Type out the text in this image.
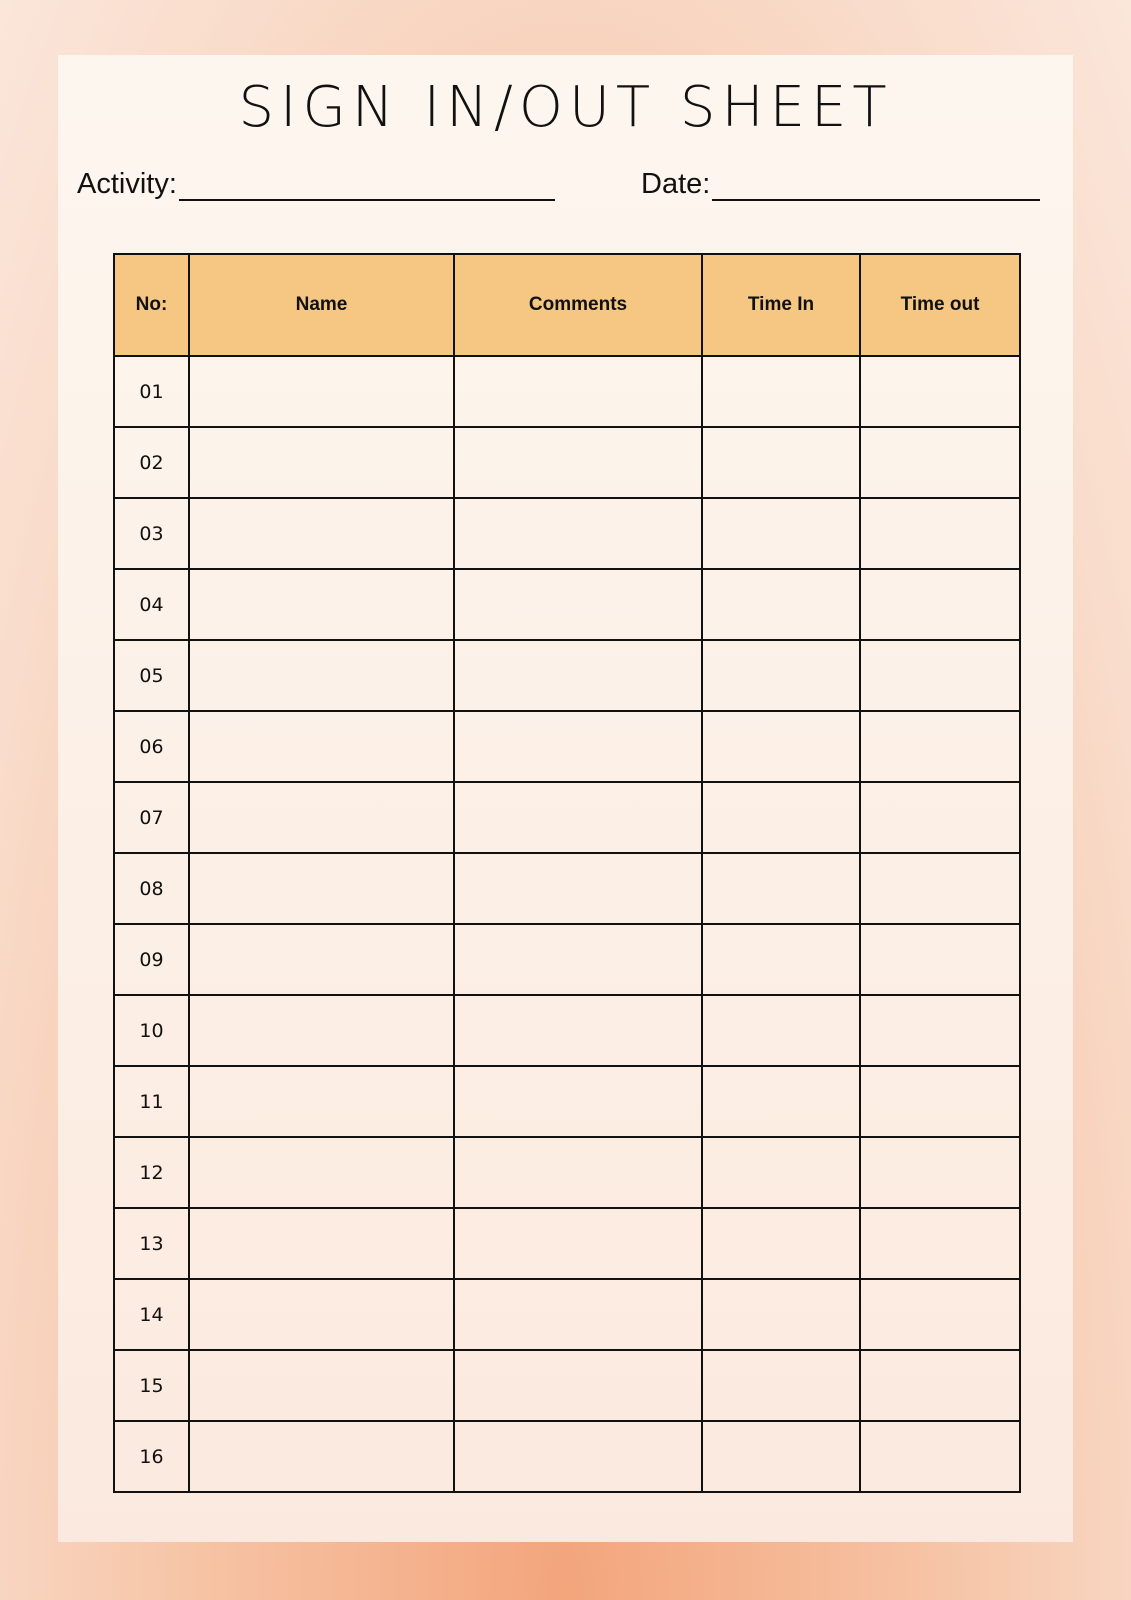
SIGN IN/OUT SHEET
Activity:	Date:
No:	Name	Comments	Time In	Time out
01				
02				
03				
04				
05				
06				
07				
08				
09				
10				
11				
12				
13				
14				
15				
16				
